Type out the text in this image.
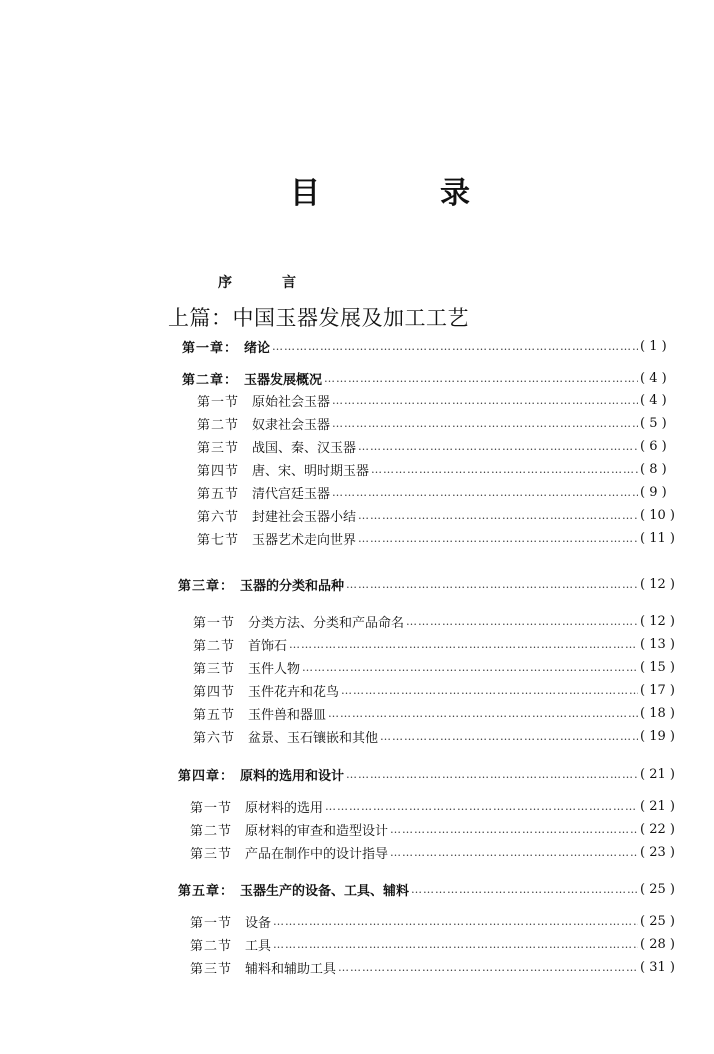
目	录
序	言
上篇：中国玉器发展及加工工艺
第一章： 绪论 …………………………………………………………………………………………………………………………………………	( 1 )
第二章： 玉器发展概况 …………………………………………………………………………………………………………………………………………	( 4 )
第一节 原始社会玉器 …………………………………………………………………………………………………………………………………………	( 4 )
第二节 奴隶社会玉器 …………………………………………………………………………………………………………………………………………	( 5 )
第三节 战国、秦、汉玉器 …………………………………………………………………………………………………………………………………………	( 6 )
第四节 唐、宋、明时期玉器 …………………………………………………………………………………………………………………………………………	( 8 )
第五节 清代宫廷玉器 …………………………………………………………………………………………………………………………………………	( 9 )
第六节 封建社会玉器小结 …………………………………………………………………………………………………………………………………………	( 10 )
第七节 玉器艺术走向世界 …………………………………………………………………………………………………………………………………………	( 11 )
第三章： 玉器的分类和品种 …………………………………………………………………………………………………………………………………………	( 12 )
第一节 分类方法、分类和产品命名 …………………………………………………………………………………………………………………………………………	( 12 )
第二节 首饰石 …………………………………………………………………………………………………………………………………………	( 13 )
第三节 玉件人物 …………………………………………………………………………………………………………………………………………	( 15 )
第四节 玉件花卉和花鸟 …………………………………………………………………………………………………………………………………………	( 17 )
第五节 玉件兽和器皿 …………………………………………………………………………………………………………………………………………	( 18 )
第六节 盆景、玉石镶嵌和其他 …………………………………………………………………………………………………………………………………………	( 19 )
第四章： 原料的选用和设计 …………………………………………………………………………………………………………………………………………	( 21 )
第一节 原材料的选用 …………………………………………………………………………………………………………………………………………	( 21 )
第二节 原材料的审查和造型设计 …………………………………………………………………………………………………………………………………………	( 22 )
第三节 产品在制作中的设计指导 …………………………………………………………………………………………………………………………………………	( 23 )
第五章： 玉器生产的设备、工具、辅料 …………………………………………………………………………………………………………………………………………	( 25 )
第一节 设备 …………………………………………………………………………………………………………………………………………	( 25 )
第二节 工具 …………………………………………………………………………………………………………………………………………	( 28 )
第三节 辅料和辅助工具 …………………………………………………………………………………………………………………………………………	( 31 )
